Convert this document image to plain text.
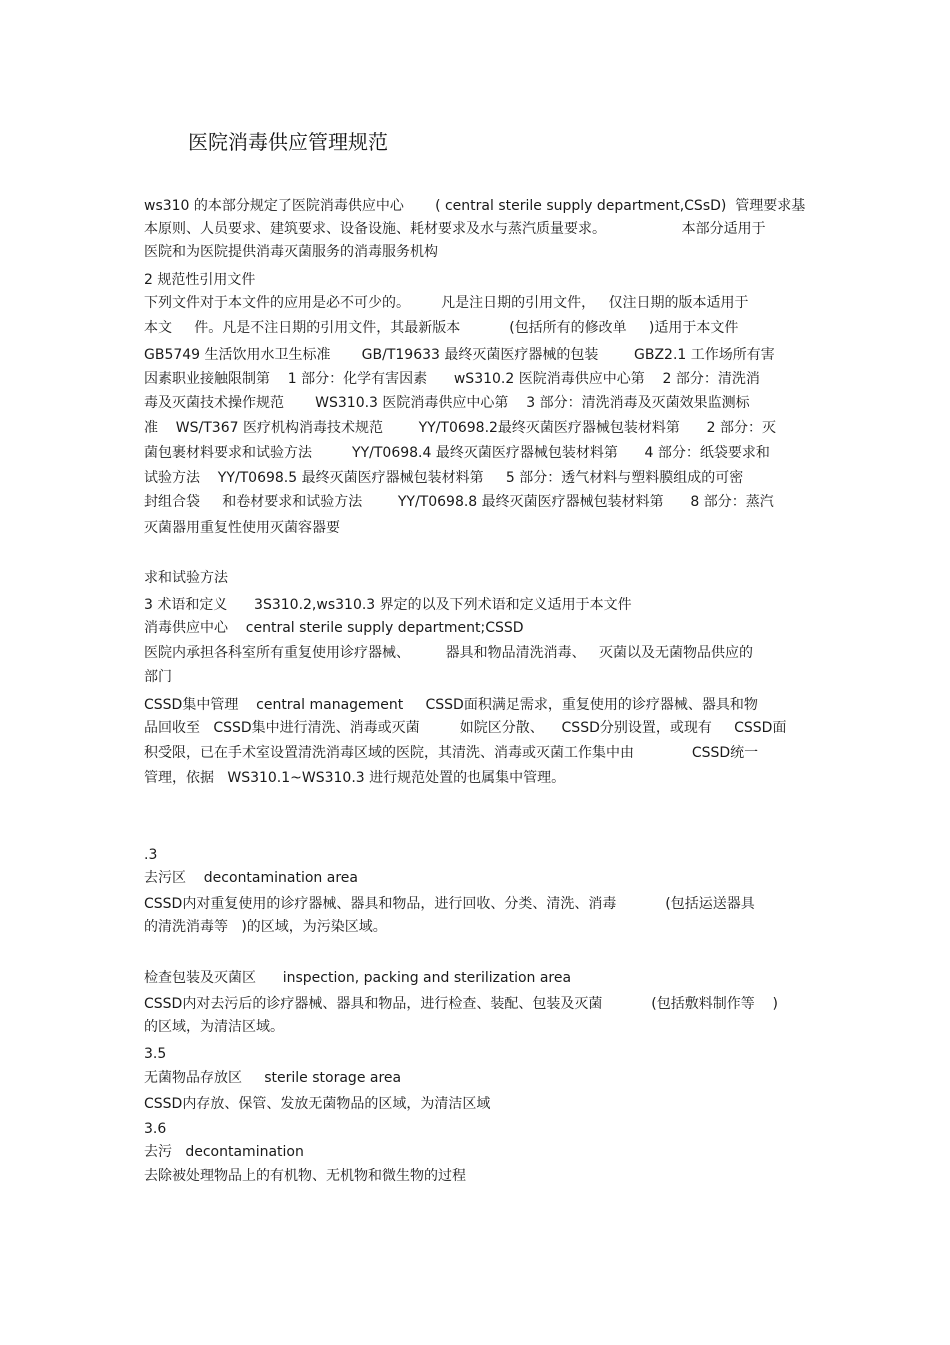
医院消毒供应管理规范
ws310 的本部分规定了医院消毒供应中心       ( central sterile supply department,CSsD)  管理要求基
本原则、人员要求、建筑要求、设备设施、耗材要求及水与蒸汽质量要求。                 本部分适用于
医院和为医院提供消毒灭菌服务的消毒服务机构
2 规范性引用文件
下列文件对于本文件的应用是必不可少的。       凡是注日期的引用文件，   仅注日期的版本适用于
本文     件。凡是不注日期的引用文件，其最新版本           (包括所有的修改单     )适用于本文件
GB5749 生活饮用水卫生标准       GB/T19633 最终灭菌医疗器械的包装        GBZ2.1 工作场所有害
因素职业接触限制第    1 部分：化学有害因素      wS310.2 医院消毒供应中心第    2 部分：清洗消
毒及灭菌技术操作规范       WS310.3 医院消毒供应中心第    3 部分：清洗消毒及灭菌效果监测标
准    WS/T367 医疗机构消毒技术规范        YY/T0698.2最终灭菌医疗器械包装材料第      2 部分：灭
菌包裹材料要求和试验方法         YY/T0698.4 最终灭菌医疗器械包装材料第      4 部分：纸袋要求和
试验方法    YY/T0698.5 最终灭菌医疗器械包装材料第     5 部分：透气材料与塑料膜组成的可密
封组合袋     和卷材要求和试验方法        YY/T0698.8 最终灭菌医疗器械包装材料第      8 部分：蒸汽
灭菌器用重复性使用灭菌容器要
求和试验方法
3 术语和定义      3S310.2,ws310.3 界定的以及下列术语和定义适用于本文件
消毒供应中心    central sterile supply department;CSSD
医院内承担各科室所有重复使用诊疗器械、        器具和物品清洗消毒、   灭菌以及无菌物品供应的
部门
CSSD集中管理    central management     CSSD面积满足需求，重复使用的诊疗器械、器具和物
品回收至   CSSD集中进行清洗、消毒或灭菌         如院区分散、    CSSD分别设置，或现有     CSSD面
积受限，已在手术室设置清洗消毒区域的医院，其清洗、消毒或灭菌工作集中由             CSSD统一
管理，依据   WS310.1~WS310.3 进行规范处置的也属集中管理。
.3
去污区    decontamination area
CSSD内对重复使用的诊疗器械、器具和物品，进行回收、分类、清洗、消毒           (包括运送器具
的清洗消毒等   )的区域，为污染区域。
检查包装及灭菌区      inspection, packing and sterilization area
CSSD内对去污后的诊疗器械、器具和物品，进行检查、装配、包装及灭菌           (包括敷料制作等    )
的区域，为清洁区域。
3.5
无菌物品存放区     sterile storage area
CSSD内存放、保管、发放无菌物品的区域，为清洁区域
3.6
去污   decontamination
去除被处理物品上的有机物、无机物和微生物的过程
